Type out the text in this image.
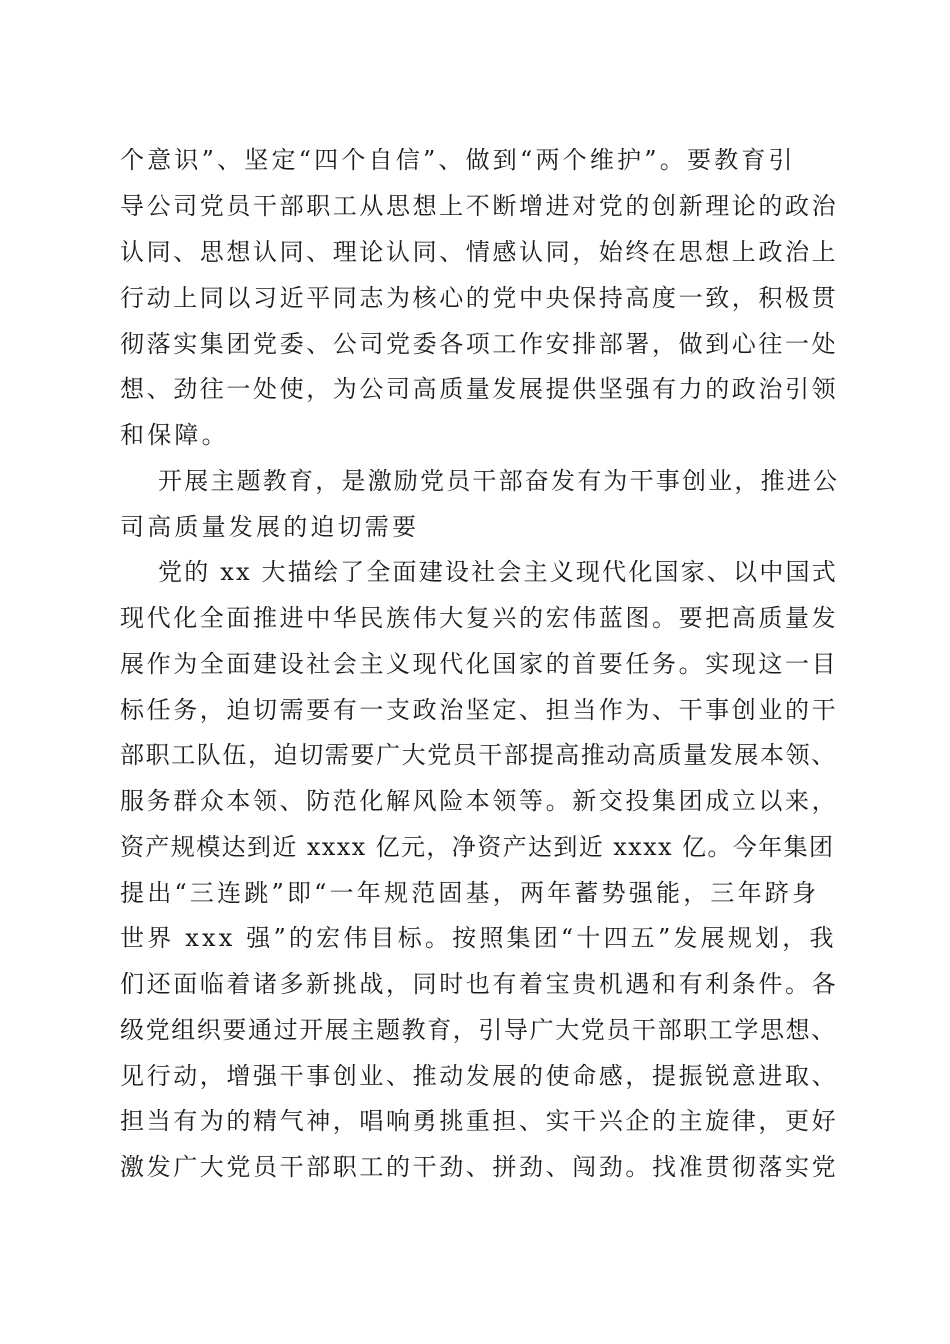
个意识”、坚定“四个自信”、做到“两个维护”。要教育引

导公司党员干部职工从思想上不断增进对党的创新理论的政治

认同、思想认同、理论认同、情感认同，始终在思想上政治上

行动上同以习近平同志为核心的党中央保持高度一致，积极贯

彻落实集团党委、公司党委各项工作安排部署，做到心往一处

想、劲往一处使，为公司高质量发展提供坚强有力的政治引领

和保障。

开展主题教育，是激励党员干部奋发有为干事创业，推进公

司高质量发展的迫切需要

党的 xx 大描绘了全面建设社会主义现代化国家、以中国式

现代化全面推进中华民族伟大复兴的宏伟蓝图。要把高质量发

展作为全面建设社会主义现代化国家的首要任务。实现这一目

标任务，迫切需要有一支政治坚定、担当作为、干事创业的干

部职工队伍，迫切需要广大党员干部提高推动高质量发展本领、

服务群众本领、防范化解风险本领等。新交投集团成立以来，

资产规模达到近 xxxx 亿元，净资产达到近 xxxx 亿。今年集团

提出“三连跳”即“一年规范固基，两年蓄势强能，三年跻身

世界 xxx 强”的宏伟目标。按照集团“十四五”发展规划，我

们还面临着诸多新挑战，同时也有着宝贵机遇和有利条件。各

级党组织要通过开展主题教育，引导广大党员干部职工学思想、

见行动，增强干事创业、推动发展的使命感，提振锐意进取、

担当有为的精气神，唱响勇挑重担、实干兴企的主旋律，更好

激发广大党员干部职工的干劲、拼劲、闯劲。找准贯彻落实党
